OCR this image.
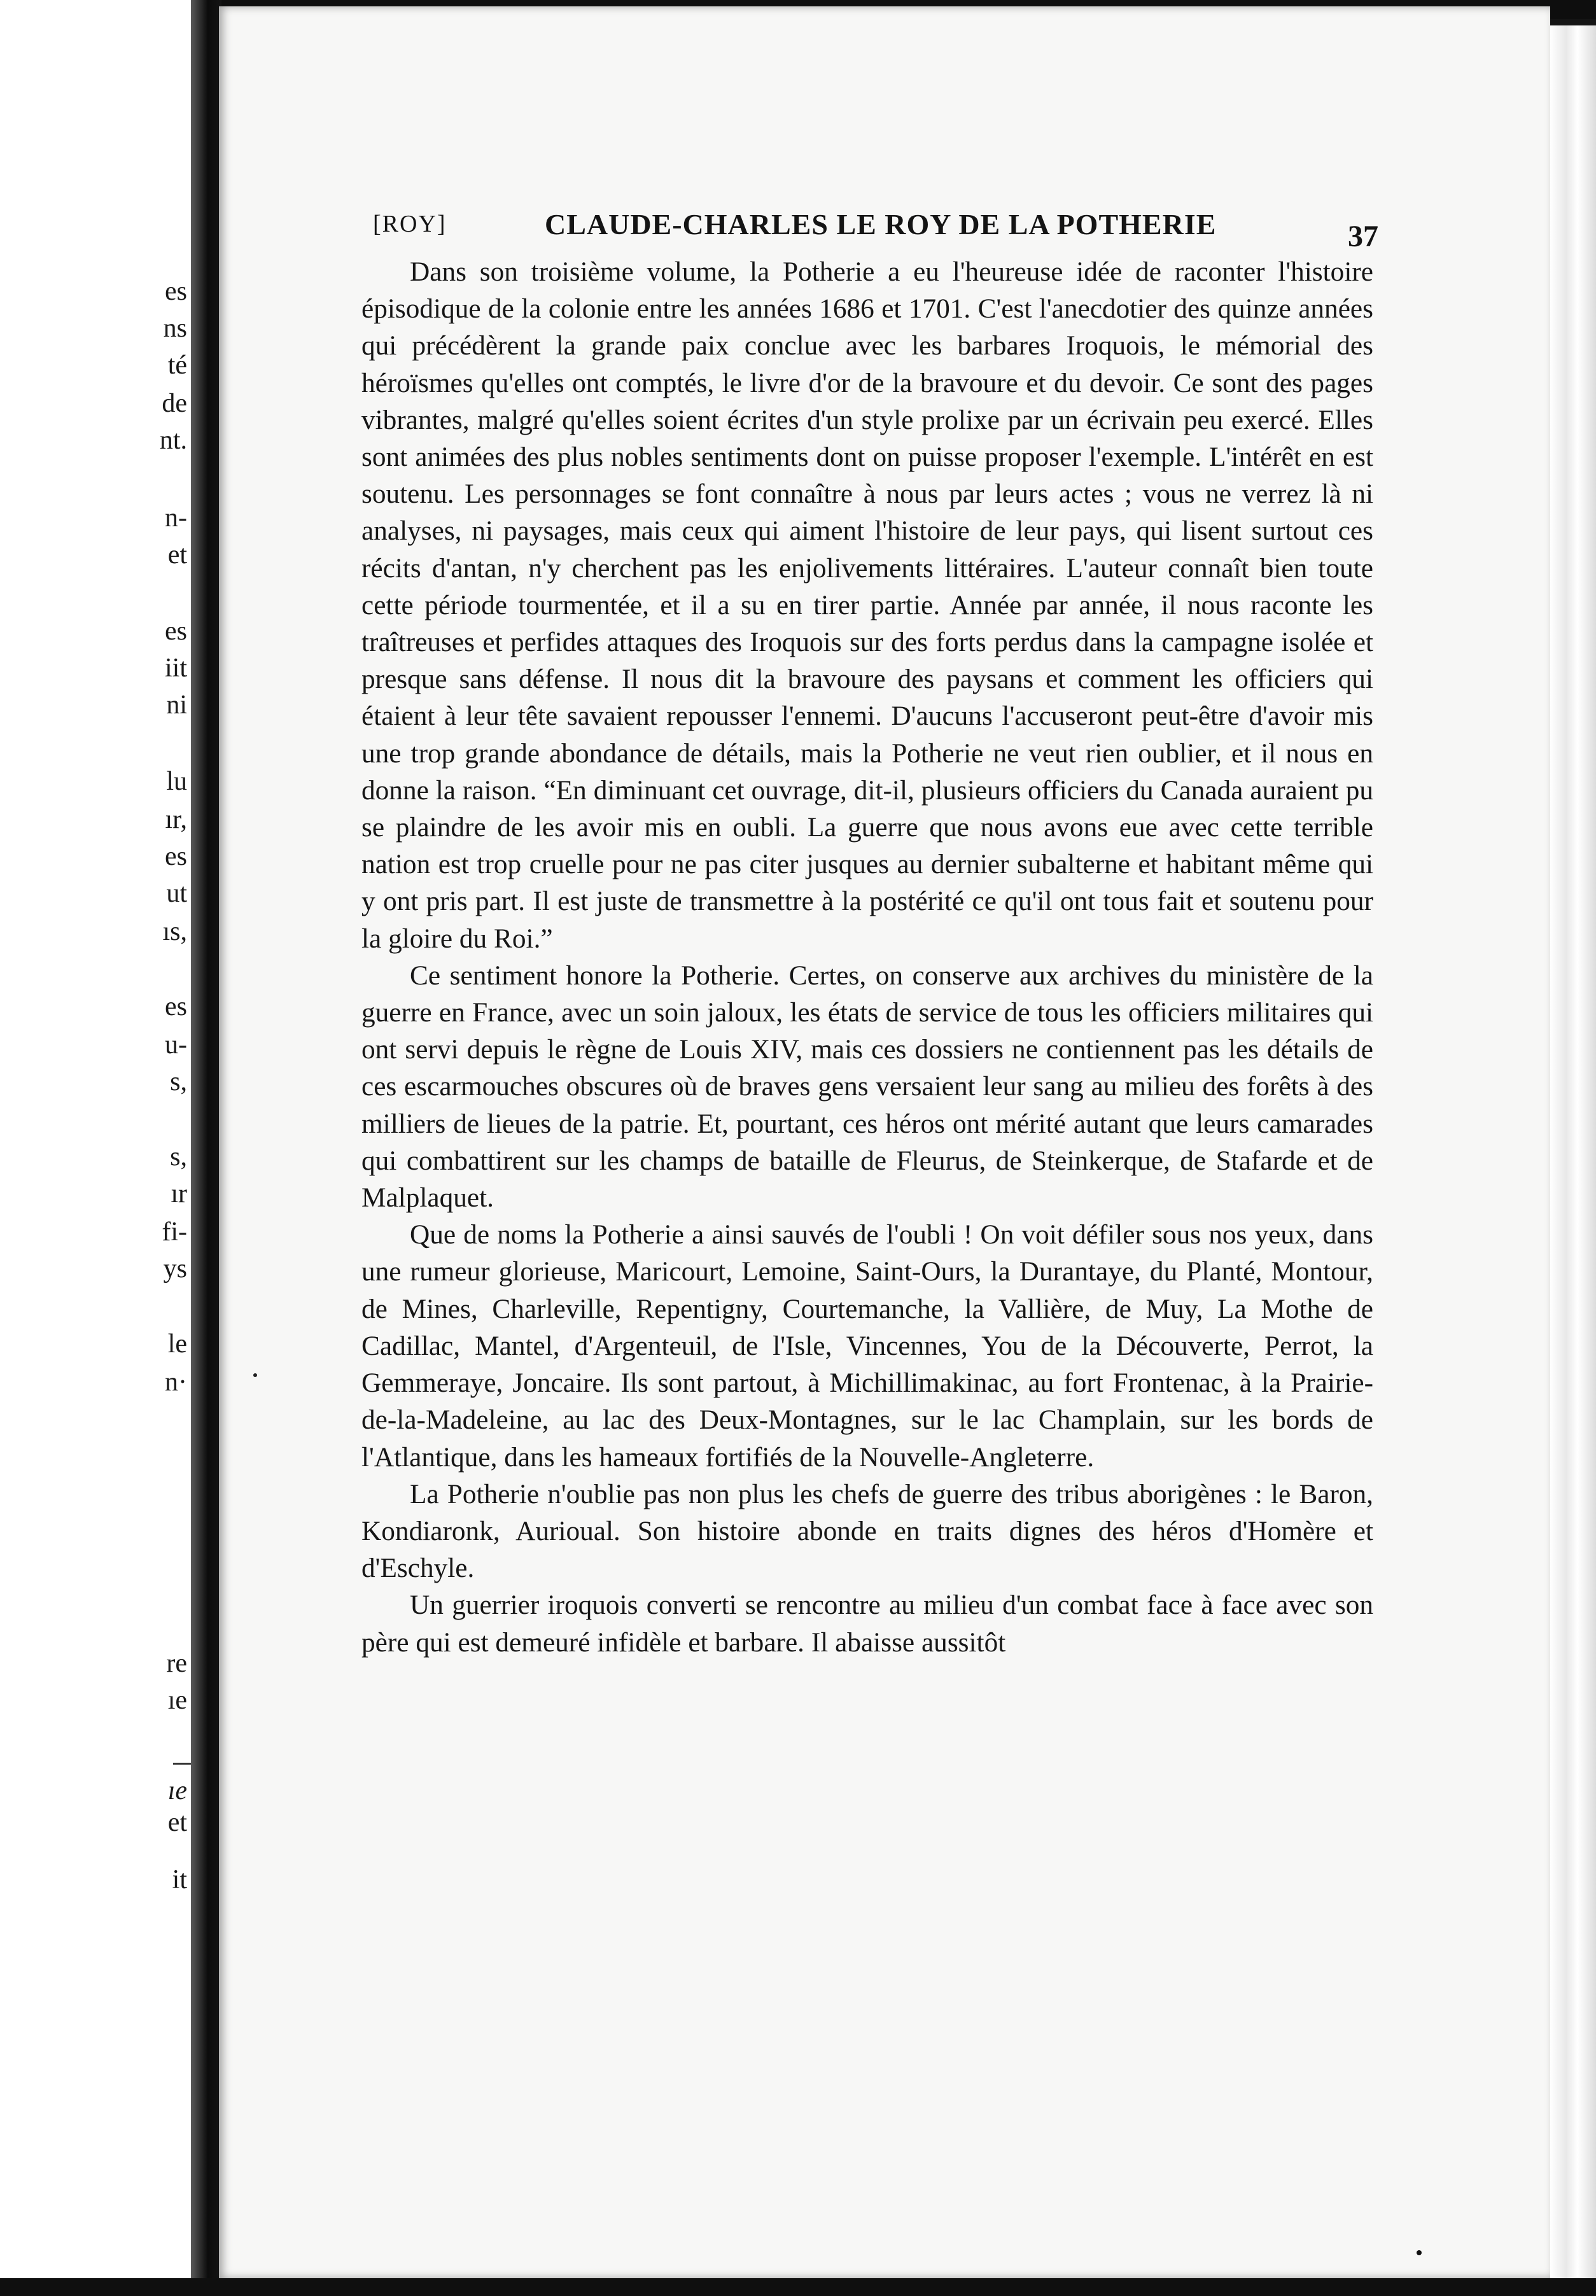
es
ns
té
de
nt.
n-
et
es
iit
ni
lu
ır,
es
ut
ıs,
es
u-
s,
s,
ır
fi-
ys
le
n·
re
ıe
ıe
et
it
[ROY]	CLAUDE-CHARLES LE ROY DE LA POTHERIE	37

Dans son troisième volume, la Potherie a eu l'heureuse idée de raconter l'histoire épisodique de la colonie entre les années 1686 et 1701. C'est l'anecdotier des quinze années qui précédèrent la grande paix conclue avec les barbares Iroquois, le mémorial des héroïsmes qu'elles ont comptés, le livre d'or de la bravoure et du devoir. Ce sont des pages vibrantes, malgré qu'elles soient écrites d'un style prolixe par un écrivain peu exercé. Elles sont animées des plus nobles sentiments dont on puisse proposer l'exemple. L'intérêt en est soutenu. Les personnages se font connaître à nous par leurs actes ; vous ne verrez là ni analyses, ni paysages, mais ceux qui aiment l'histoire de leur pays, qui lisent surtout ces récits d'antan, n'y cherchent pas les enjolivements littéraires. L'auteur connaît bien toute cette période tourmentée, et il a su en tirer partie. Année par année, il nous raconte les traîtreuses et perfides attaques des Iroquois sur des forts perdus dans la campagne isolée et presque sans défense. Il nous dit la bravoure des paysans et comment les officiers qui étaient à leur tête savaient repousser l'ennemi. D'aucuns l'accuseront peut-être d'avoir mis une trop grande abondance de détails, mais la Potherie ne veut rien oublier, et il nous en donne la raison. “En diminuant cet ouvrage, dit-il, plusieurs officiers du Canada auraient pu se plaindre de les avoir mis en oubli. La guerre que nous avons eue avec cette terrible nation est trop cruelle pour ne pas citer jusques au dernier subalterne et habitant même qui y ont pris part. Il est juste de transmettre à la postérité ce qu'il ont tous fait et soutenu pour la gloire du Roi.”

Ce sentiment honore la Potherie. Certes, on conserve aux archives du ministère de la guerre en France, avec un soin jaloux, les états de service de tous les officiers militaires qui ont servi depuis le règne de Louis XIV, mais ces dossiers ne contiennent pas les détails de ces escarmouches obscures où de braves gens versaient leur sang au milieu des forêts à des milliers de lieues de la patrie. Et, pourtant, ces héros ont mérité autant que leurs camarades qui combattirent sur les champs de bataille de Fleurus, de Steinkerque, de Stafarde et de Malplaquet.

Que de noms la Potherie a ainsi sauvés de l'oubli ! On voit défiler sous nos yeux, dans une rumeur glorieuse, Maricourt, Lemoine, Saint-Ours, la Durantaye, du Planté, Montour, de Mines, Charleville, Repentigny, Courtemanche, la Vallière, de Muy, La Mothe de Cadillac, Mantel, d'Argenteuil, de l'Isle, Vincennes, You de la Découverte, Perrot, la Gemmeraye, Joncaire. Ils sont partout, à Michillimakinac, au fort Frontenac, à la Prairie-de-la-Madeleine, au lac des Deux-Montagnes, sur le lac Champlain, sur les bords de l'Atlantique, dans les hameaux fortifiés de la Nouvelle-Angleterre.

La Potherie n'oublie pas non plus les chefs de guerre des tribus aborigènes : le Baron, Kondiaronk, Aurioual. Son histoire abonde en traits dignes des héros d'Homère et d'Eschyle.

Un guerrier iroquois converti se rencontre au milieu d'un combat face à face avec son père qui est demeuré infidèle et barbare. Il abaisse aussitôt
